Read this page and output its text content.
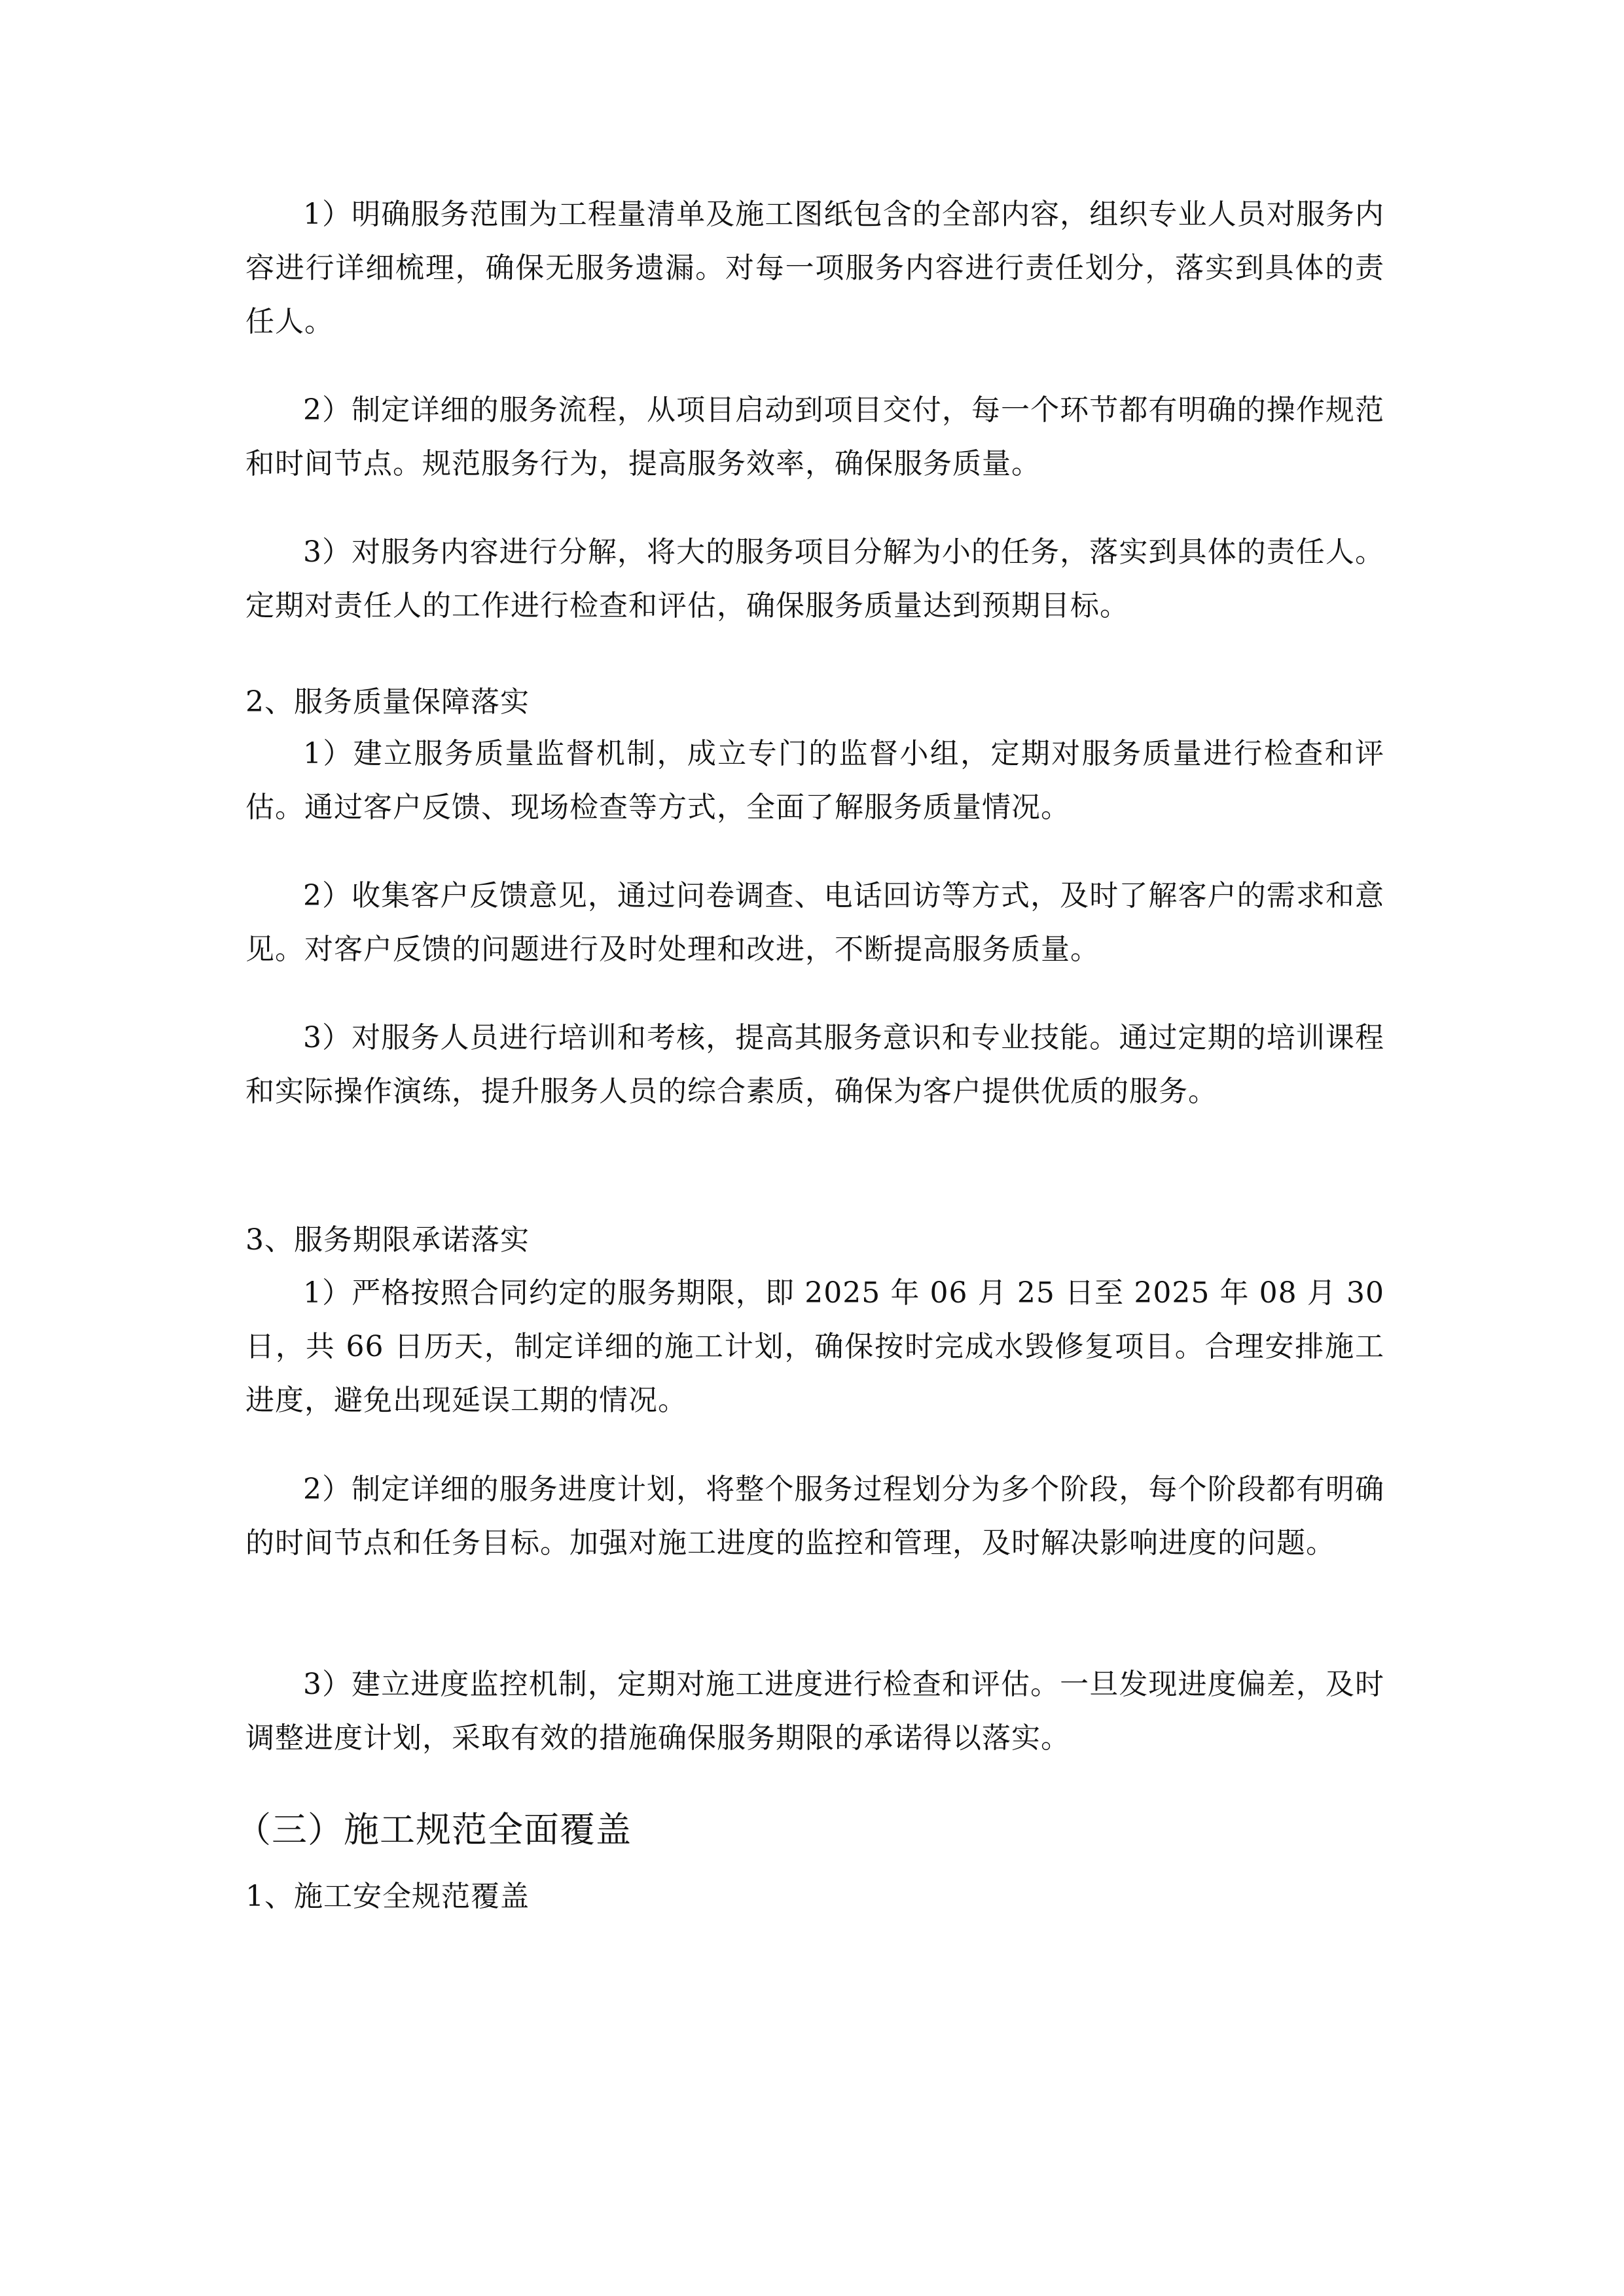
1）明确服务范围为工程量清单及施工图纸包含的全部内容，组织专业人员对服务内容进行详细梳理，确保无服务遗漏。对每一项服务内容进行责任划分，落实到具体的责任人。

2）制定详细的服务流程，从项目启动到项目交付，每一个环节都有明确的操作规范和时间节点。规范服务行为，提高服务效率，确保服务质量。

3）对服务内容进行分解，将大的服务项目分解为小的任务，落实到具体的责任人。定期对责任人的工作进行检查和评估，确保服务质量达到预期目标。

2、服务质量保障落实

1）建立服务质量监督机制，成立专门的监督小组，定期对服务质量进行检查和评估。通过客户反馈、现场检查等方式，全面了解服务质量情况。

2）收集客户反馈意见，通过问卷调查、电话回访等方式，及时了解客户的需求和意见。对客户反馈的问题进行及时处理和改进，不断提高服务质量。

3）对服务人员进行培训和考核，提高其服务意识和专业技能。通过定期的培训课程和实际操作演练，提升服务人员的综合素质，确保为客户提供优质的服务。

3、服务期限承诺落实

1）严格按照合同约定的服务期限，即 2025 年 06 月 25 日至 2025 年 08 月 30 日，共 66 日历天，制定详细的施工计划，确保按时完成水毁修复项目。合理安排施工进度，避免出现延误工期的情况。

2）制定详细的服务进度计划，将整个服务过程划分为多个阶段，每个阶段都有明确的时间节点和任务目标。加强对施工进度的监控和管理，及时解决影响进度的问题。

3）建立进度监控机制，定期对施工进度进行检查和评估。一旦发现进度偏差，及时调整进度计划，采取有效的措施确保服务期限的承诺得以落实。

（三）施工规范全面覆盖

1、施工安全规范覆盖
